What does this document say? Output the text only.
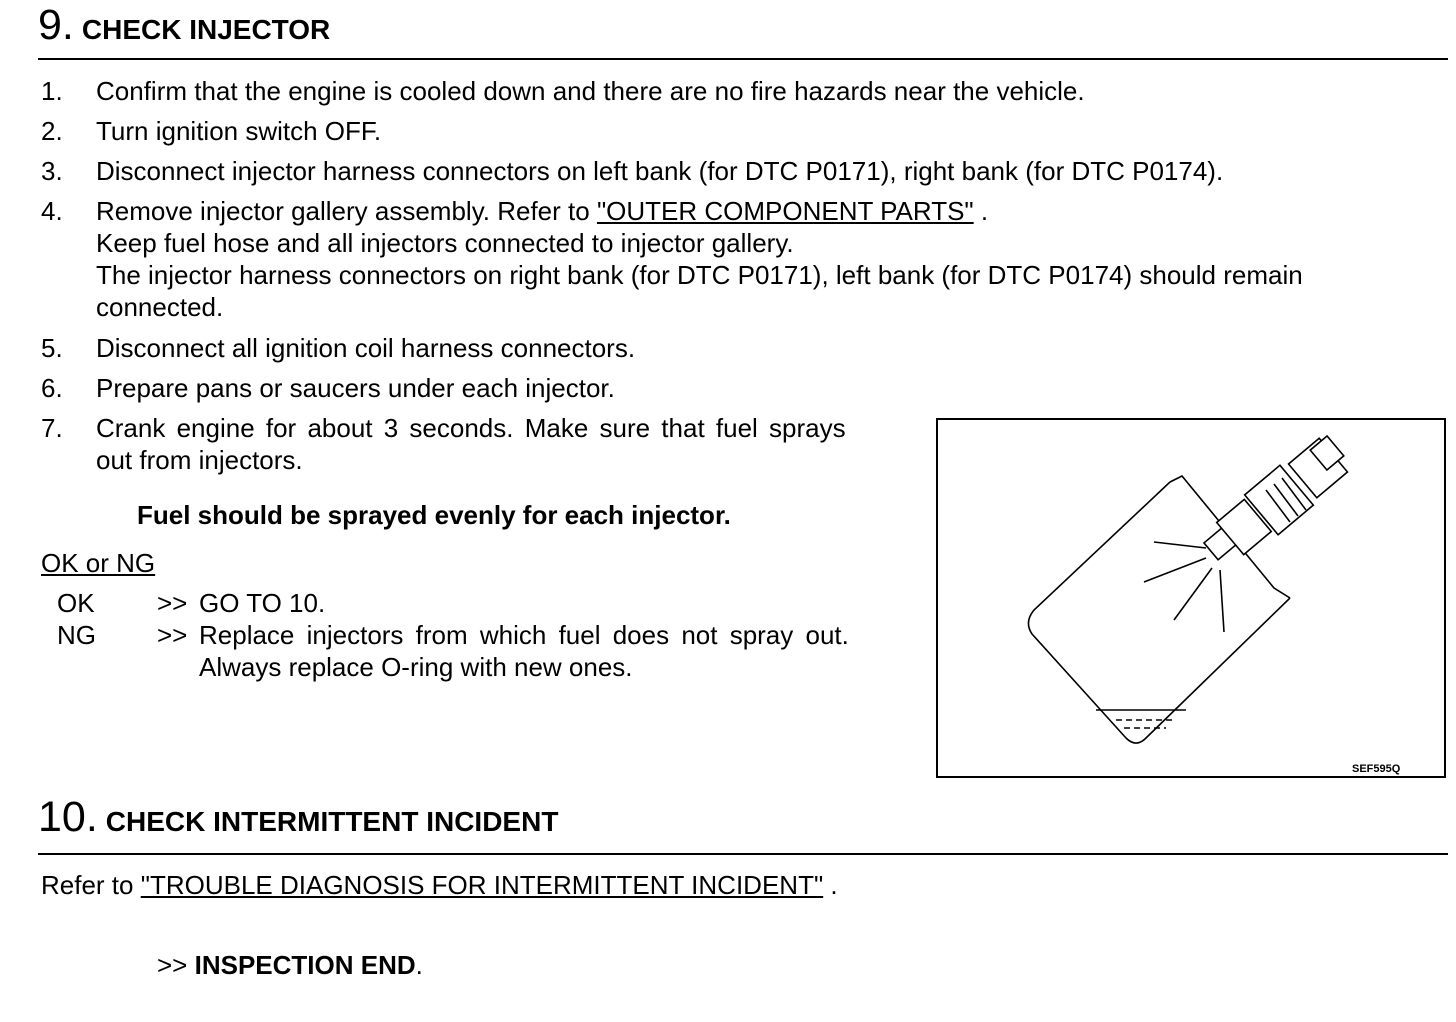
9. CHECK INJECTOR
1. Confirm that the engine is cooled down and there are no fire hazards near the vehicle.
2. Turn ignition switch OFF.
3. Disconnect injector harness connectors on left bank (for DTC P0171), right bank (for DTC P0174).
4. Remove injector gallery assembly. Refer to "OUTER COMPONENT PARTS" .
Keep fuel hose and all injectors connected to injector gallery.
The injector harness connectors on right bank (for DTC P0171), left bank (for DTC P0174) should remain
connected.
5. Disconnect all ignition coil harness connectors.
6. Prepare pans or saucers under each injector.
7. Crank engine for about 3 seconds. Make sure that fuel sprays
out from injectors.
Fuel should be sprayed evenly for each injector.
OK or NG
OK >> GO TO 10.
NG >> Replace injectors from which fuel does not spray out.
Always replace O-ring with new ones.
SEF595Q
10. CHECK INTERMITTENT INCIDENT
Refer to "TROUBLE DIAGNOSIS FOR INTERMITTENT INCIDENT" .
>> INSPECTION END.
